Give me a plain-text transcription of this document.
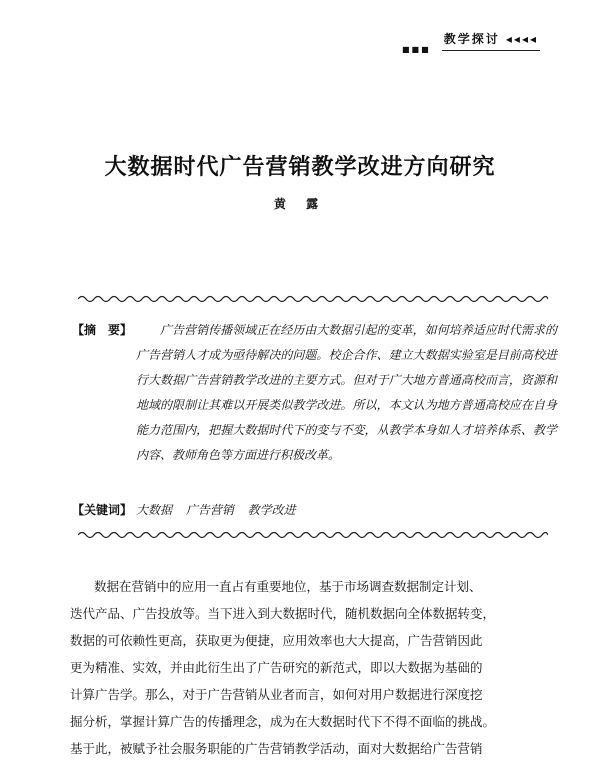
教学探讨 ◂◂◂◂
■■■
大数据时代广告营销教学改进方向研究
黄 露
【摘　要】	广告营销传播领域正在经历由大数据引起的变革，如何培养适应时代需求的广告营销人才成为亟待解决的问题。校企合作、建立大数据实验室是目前高校进行大数据广告营销教学改进的主要方式。但对于广大地方普通高校而言，资源和地域的限制让其难以开展类似教学改进。所以，本文认为地方普通高校应在自身能力范围内，把握大数据时代下的变与不变，从教学本身如人才培养体系、教学内容、教师角色等方面进行积极改革。
【关键词】 大数据 广告营销 教学改进
数据在营销中的应用一直占有重要地位，基于市场调查数据制定计划、
迭代产品、广告投放等。当下进入到大数据时代，随机数据向全体数据转变，
数据的可依赖性更高，获取更为便捷，应用效率也大大提高，广告营销因此
更为精准、实效，并由此衍生出了广告研究的新范式，即以大数据为基础的
计算广告学。那么，对于广告营销从业者而言，如何对用户数据进行深度挖
掘分析，掌握计算广告的传播理念，成为在大数据时代下不得不面临的挑战。
基于此，被赋予社会服务职能的广告营销教学活动，面对大数据给广告营销
